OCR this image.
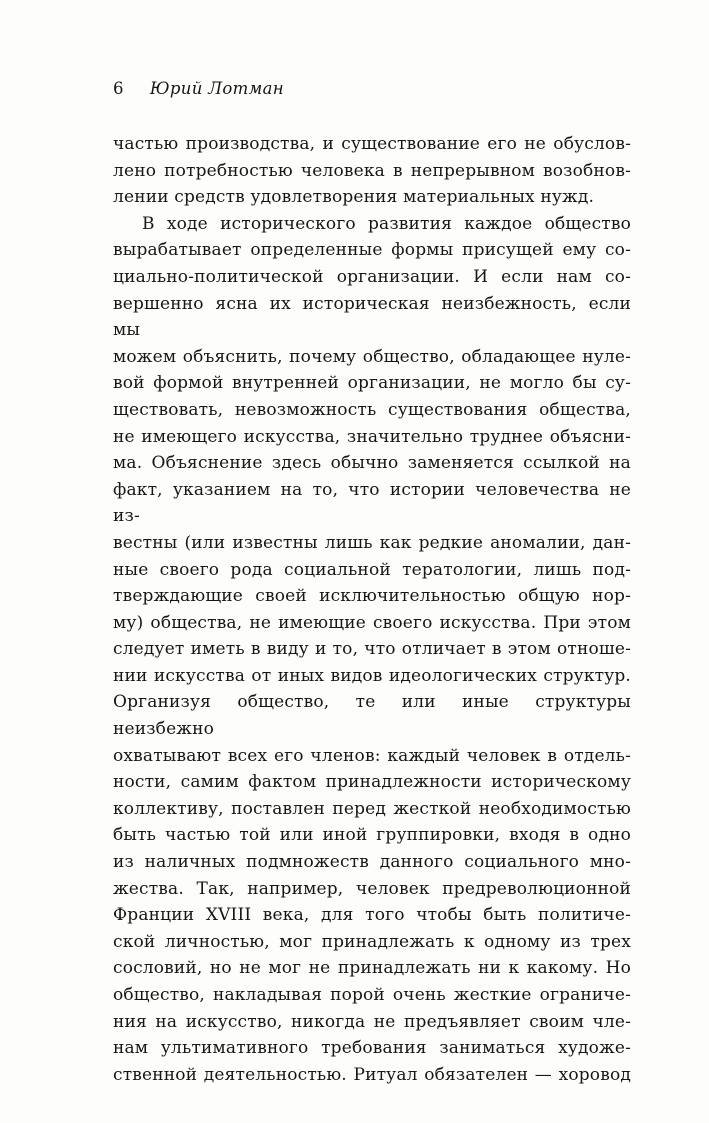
6 Юрий Лотман
частью производства, и существование его не обуслов-
лено потребностью человека в непрерывном возобнов-
лении средств удовлетворения материальных нужд.
В ходе исторического развития каждое общество
вырабатывает определенные формы присущей ему со-
циально-политической организации. И если нам со-
вершенно ясна их историческая неизбежность, если мы
можем объяснить, почему общество, обладающее нуле-
вой формой внутренней организации, не могло бы су-
ществовать, невозможность существования общества,
не имеющего искусства, значительно труднее объясни-
ма. Объяснение здесь обычно заменяется ссылкой на
факт, указанием на то, что истории человечества не из-
вестны (или известны лишь как редкие аномалии, дан-
ные своего рода социальной тератологии, лишь под-
тверждающие своей исключительностью общую нор-
му) общества, не имеющие своего искусства. При этом
следует иметь в виду и то, что отличает в этом отноше-
нии искусства от иных видов идеологических структур.
Организуя общество, те или иные структуры неизбежно
охватывают всех его членов: каждый человек в отдель-
ности, самим фактом принадлежности историческому
коллективу, поставлен перед жесткой необходимостью
быть частью той или иной группировки, входя в одно
из наличных подмножеств данного социального мно-
жества. Так, например, человек предреволюционной
Франции XVIII века, для того чтобы быть политиче-
ской личностью, мог принадлежать к одному из трех
сословий, но не мог не принадлежать ни к какому. Но
общество, накладывая порой очень жесткие ограниче-
ния на искусство, никогда не предъявляет своим чле-
нам ультимативного требования заниматься художе-
ственной деятельностью. Ритуал обязателен — хоровод
